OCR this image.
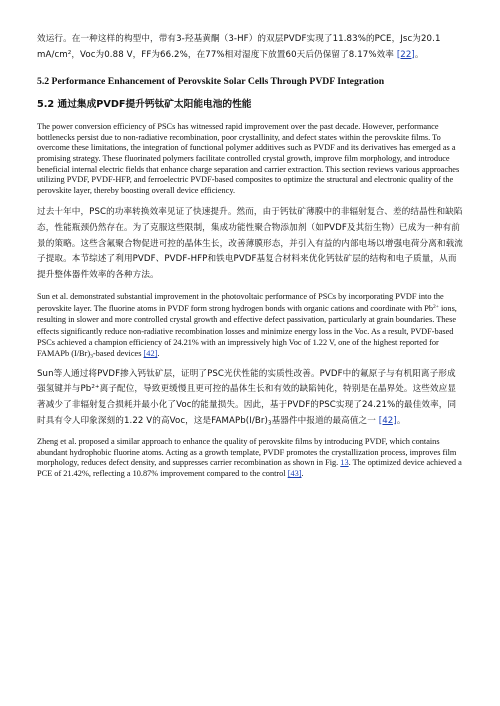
效运行。在一种这样的构型中，带有3-羟基黄酮（3-HF）的双层PVDF实现了11.83%的PCE，Jsc为20.1 $mA/cm^2$，Voc为0.88 V，FF为66.2%，在77%相对湿度下放置60天后仍保留了8.17%效率 [22]。

5.2 Performance Enhancement of Perovskite Solar Cells Through PVDF Integration

5.2 通过集成PVDF提升钙钛矿太阳能电池的性能

The power conversion efficiency of PSCs has witnessed rapid improvement over the past decade. However, performance bottlenecks persist due to non-radiative recombination, poor crystallinity, and defect states within the perovskite films. To overcome these limitations, the integration of functional polymer additives such as PVDF and its derivatives has emerged as a promising strategy. These fluorinated polymers facilitate controlled crystal growth, improve film morphology, and introduce beneficial internal electric fields that enhance charge separation and carrier extraction. This section reviews various approaches utilizing PVDF, PVDF-HFP, and ferroelectric PVDF-based composites to optimize the structural and electronic quality of the perovskite layer, thereby boosting overall device efficiency.

过去十年中，PSC的功率转换效率见证了快速提升。然而，由于钙钛矿薄膜中的非辐射复合、差的结晶性和缺陷态，性能瓶颈仍然存在。为了克服这些限制，集成功能性聚合物添加剂（如PVDF及其衍生物）已成为一种有前景的策略。这些含氟聚合物促进可控的晶体生长，改善薄膜形态，并引入有益的内部电场以增强电荷分离和载流子提取。本节综述了利用PVDF、PVDF-HFP和铁电PVDF基复合材料来优化钙钛矿层的结构和电子质量，从而提升整体器件效率的各种方法。

Sun et al. demonstrated substantial improvement in the photovoltaic performance of PSCs by incorporating PVDF into the perovskite layer. The fluorine atoms in PVDF form strong hydrogen bonds with organic cations and coordinate with $Pb^{2+}$ ions, resulting in slower and more controlled crystal growth and effective defect passivation, particularly at grain boundaries. These effects significantly reduce non-radiative recombination losses and minimize energy loss in the Voc. As a result, PVDF-based PSCs achieved a champion efficiency of 24.21% with an impressively high Voc of 1.22 V, one of the highest reported for FAMAPb $(I/Br)_3$-based devices [42].

Sun等人通过将PVDF掺入钙钛矿层，证明了PSC光伏性能的实质性改善。PVDF中的氟原子与有机阳离子形成强氢键并与$Pb^{2+}$离子配位，导致更缓慢且更可控的晶体生长和有效的缺陷钝化，特别是在晶界处。这些效应显著减少了非辐射复合损耗并最小化了Voc的能量损失。因此，基于PVDF的PSC实现了24.21%的最佳效率，同时具有令人印象深刻的1.22 V的高Voc，这是$FAMAPb(I/Br)_3$基器件中报道的最高值之一 [42]。

Zheng et al. proposed a similar approach to enhance the quality of perovskite films by introducing PVDF, which contains abundant hydrophobic fluorine atoms. Acting as a growth template, PVDF promotes the crystallization process, improves film morphology, reduces defect density, and suppresses carrier recombination as shown in Fig. 13. The optimized device achieved a PCE of 21.42%, reflecting a 10.87% improvement compared to the control [43].
